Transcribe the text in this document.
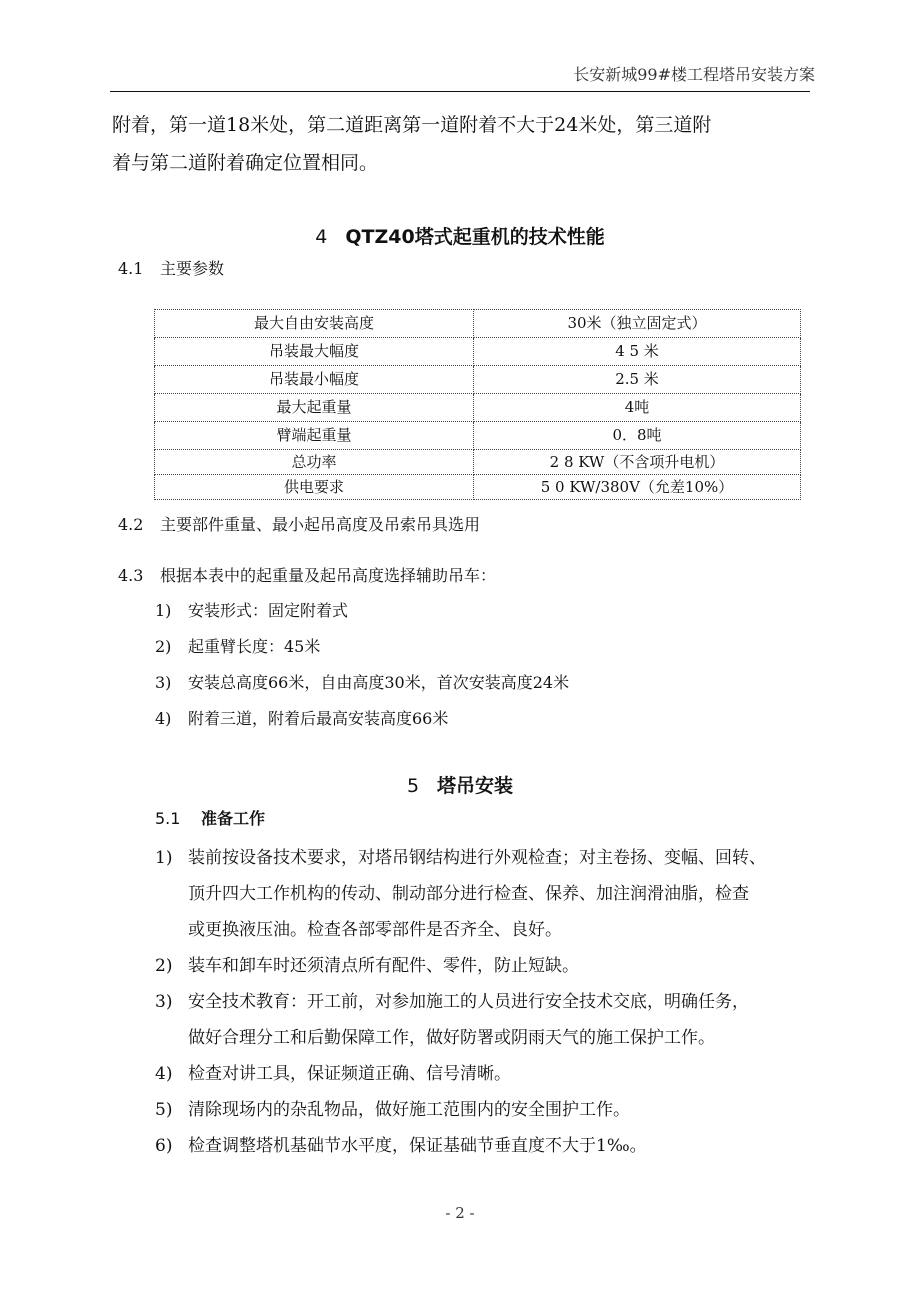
长安新城99#楼工程塔吊安装方案
附着，第一道18米处，第二道距离第一道附着不大于24米处，第三道附
着与第二道附着确定位置相同。
4 QTZ40塔式起重机的技术性能
4.1 主要参数
最大自由安装高度	30米（独立固定式）
吊装最大幅度	4 5 米
吊装最小幅度	2.5 米
最大起重量	4吨
臂端起重量	0．8吨
总功率	2 8 KW（不含项升电机）
供电要求	5 0 KW/380V（允差10%）
4.2 主要部件重量、最小起吊高度及吊索吊具选用
4.3 根据本表中的起重量及起吊高度选择辅助吊车：
1) 安装形式：固定附着式
2) 起重臂长度：45米
3) 安装总高度66米，自由高度30米，首次安装高度24米
4) 附着三道，附着后最高安装高度66米
5 塔吊安装
5.1 准备工作
1) 装前按设备技术要求，对塔吊钢结构进行外观检查；对主卷扬、变幅、回转、
顶升四大工作机构的传动、制动部分进行检查、保养、加注润滑油脂，检查
或更换液压油。检查各部零部件是否齐全、良好。
2) 装车和卸车时还须清点所有配件、零件，防止短缺。
3) 安全技术教育：开工前，对参加施工的人员进行安全技术交底，明确任务，
做好合理分工和后勤保障工作，做好防署或阴雨天气的施工保护工作。
4) 检查对讲工具，保证频道正确、信号清晰。
5) 清除现场内的杂乱物品，做好施工范围内的安全围护工作。
6) 检查调整塔机基础节水平度，保证基础节垂直度不大于1‰。
- 2 -
